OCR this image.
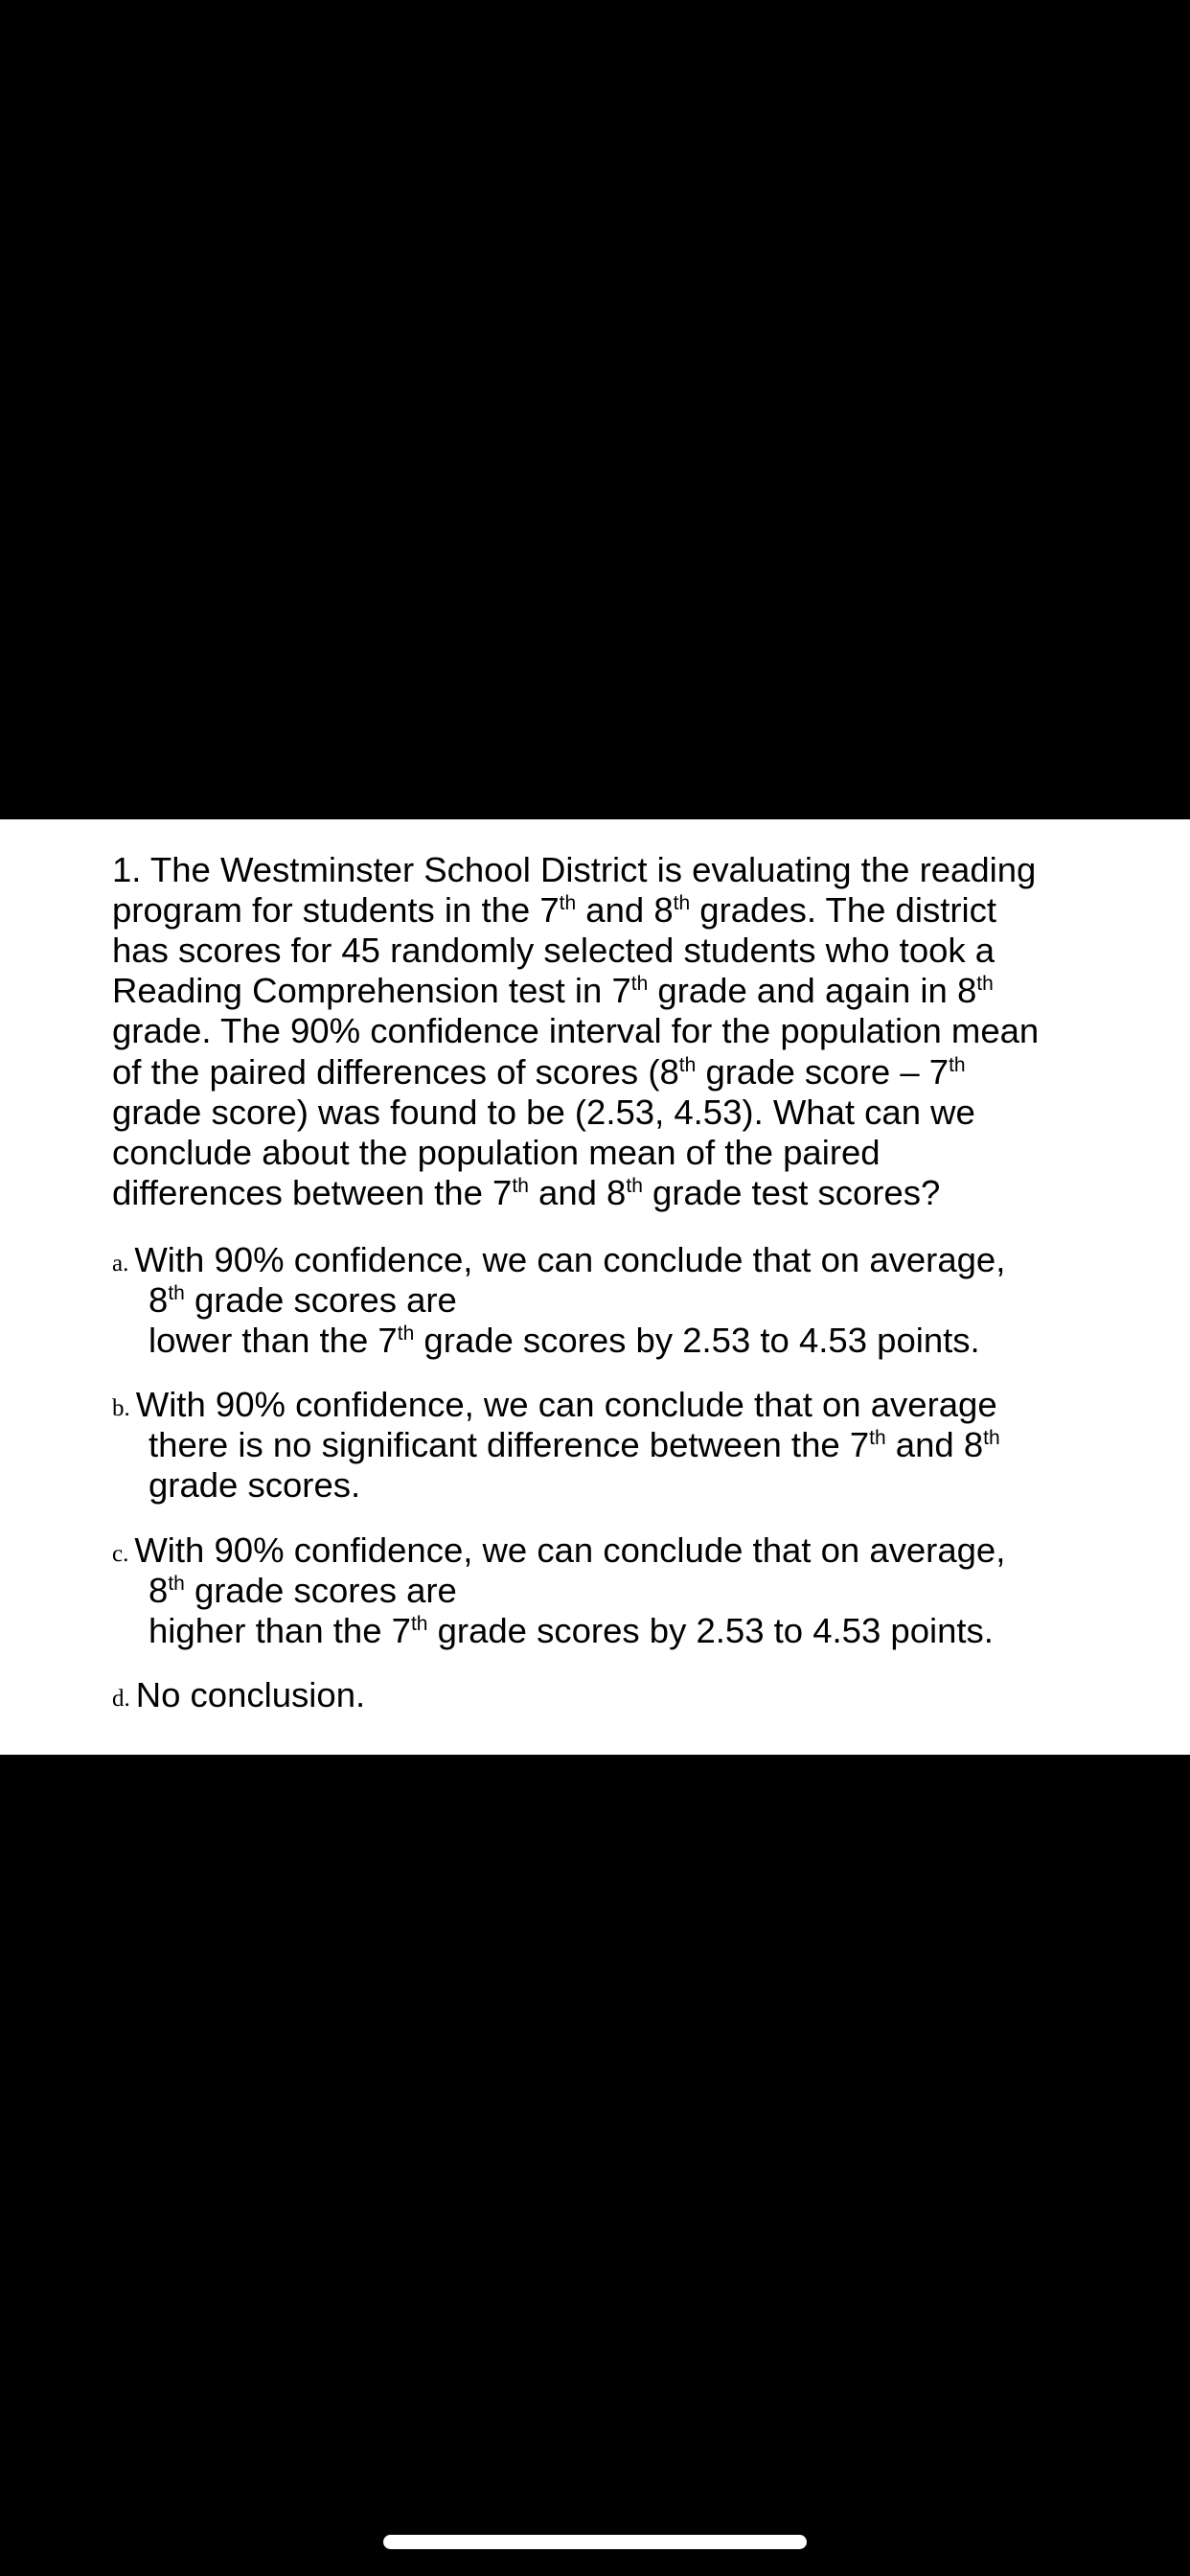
1. The Westminster School District is evaluating the reading
program for students in the 7th and 8th grades. The district
has scores for 45 randomly selected students who took a
Reading Comprehension test in 7th grade and again in 8th
grade. The 90% confidence interval for the population mean
of the paired differences of scores (8th grade score – 7th
grade score) was found to be (2.53, 4.53). What can we
conclude about the population mean of the paired
differences between the 7th and 8th grade test scores?
a. With 90% confidence, we can conclude that on average,
8th grade scores are
lower than the 7th grade scores by 2.53 to 4.53 points.
b. With 90% confidence, we can conclude that on average
there is no significant difference between the 7th and 8th
grade scores.
c. With 90% confidence, we can conclude that on average,
8th grade scores are
higher than the 7th grade scores by 2.53 to 4.53 points.
d. No conclusion.
